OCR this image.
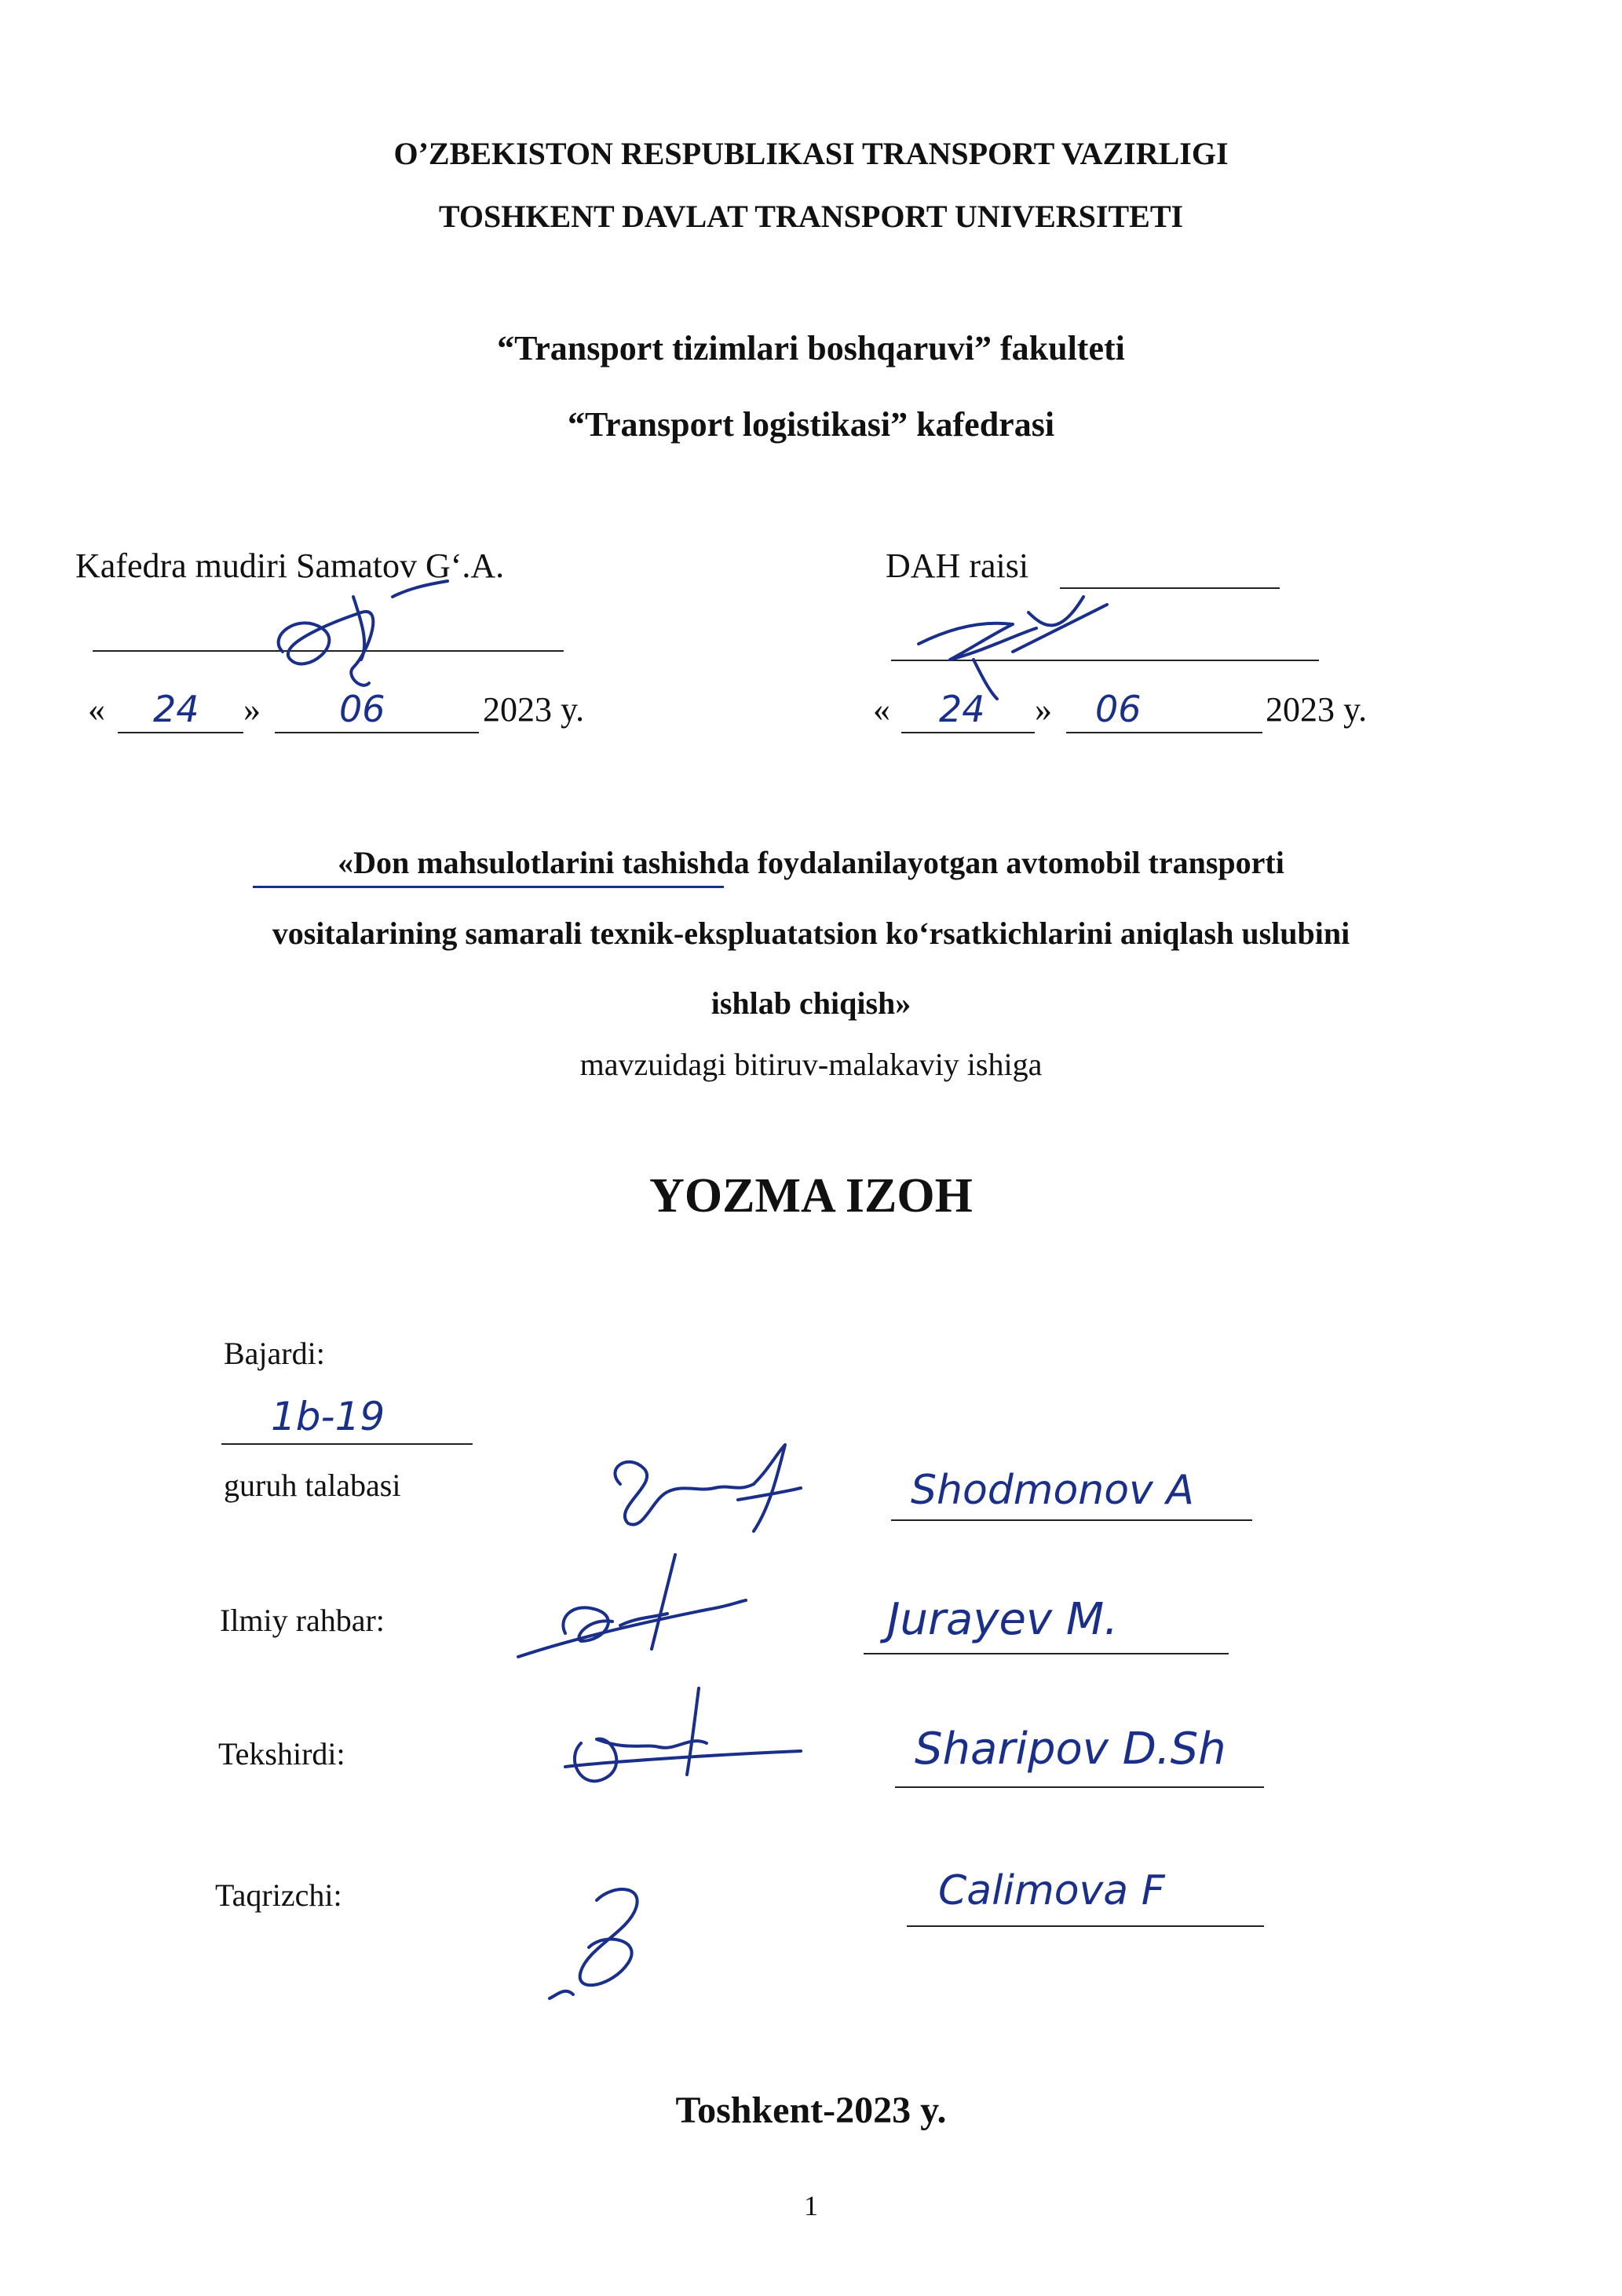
O’ZBEKISTON RESPUBLIKASI TRANSPORT VAZIRLIGI
TOSHKENT DAVLAT TRANSPORT UNIVERSITETI
“Transport tizimlari boshqaruvi” fakulteti
“Transport logistikasi” kafedrasi
Kafedra mudiri Samatov G‘.A.
« 24 » 06	2023 y.
DAH raisi
« 24 » 06	2023 y.
«Don mahsulotlarini tashishda foydalanilayotgan avtomobil transporti
vositalarining samarali texnik-ekspluatatsion ko‘rsatkichlarini aniqlash uslubini
ishlab chiqish»
mavzuidagi bitiruv-malakaviy ishiga
YOZMA IZOH
Bajardi:
1b-19
guruh talabasi	Shodmonov A
Ilmiy rahbar:	Jurayev M.
Tekshirdi:	Sharipov D.Sh
Taqrizchi:	Calimova F
Toshkent-2023 y.
1
